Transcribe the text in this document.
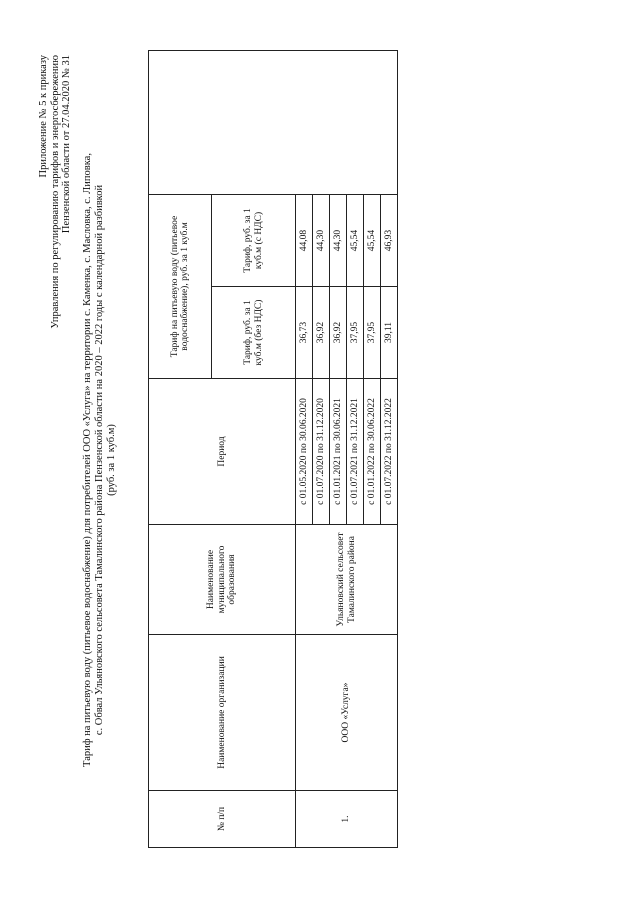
Приложение № 5 к приказу Управления по регулированию тарифов и энергосбережению Пензенской области от 27.04.2020 № 31
Тариф на питьевую воду (питьевое водоснабжение) для потребителей ООО «Услуга» на территории с. Каменка, с. Масловка, с. Липовка, с. Обвал Ульяновского сельсовета Тамалинского района Пензенской области на 2020 – 2022 годы с календарной разбивкой (руб. за 1 куб.м)
№ п/п	Наименование организации	Наименование муниципального образования	Период	Тариф на питьевую воду (питьевое водоснабжение), руб. за 1 куб.м		
				Тариф, руб. за 1 куб.м (без НДС)	Тариф, руб. за 1 куб.м (с НДС)	
1.	ООО «Услуга»	Ульяновский сельсовет Тамалинского района	с 01.05.2020 по 30.06.2020	36,73	44,08	
			с 01.07.2020 по 31.12.2020	36,92	44,30	
			с 01.01.2021 по 30.06.2021	36,92	44,30	
			с 01.07.2021 по 31.12.2021	37,95	45,54	
			с 01.01.2022 по 30.06.2022	37,95	45,54	
			с 01.07.2022 по 31.12.2022	39,11	46,93	
